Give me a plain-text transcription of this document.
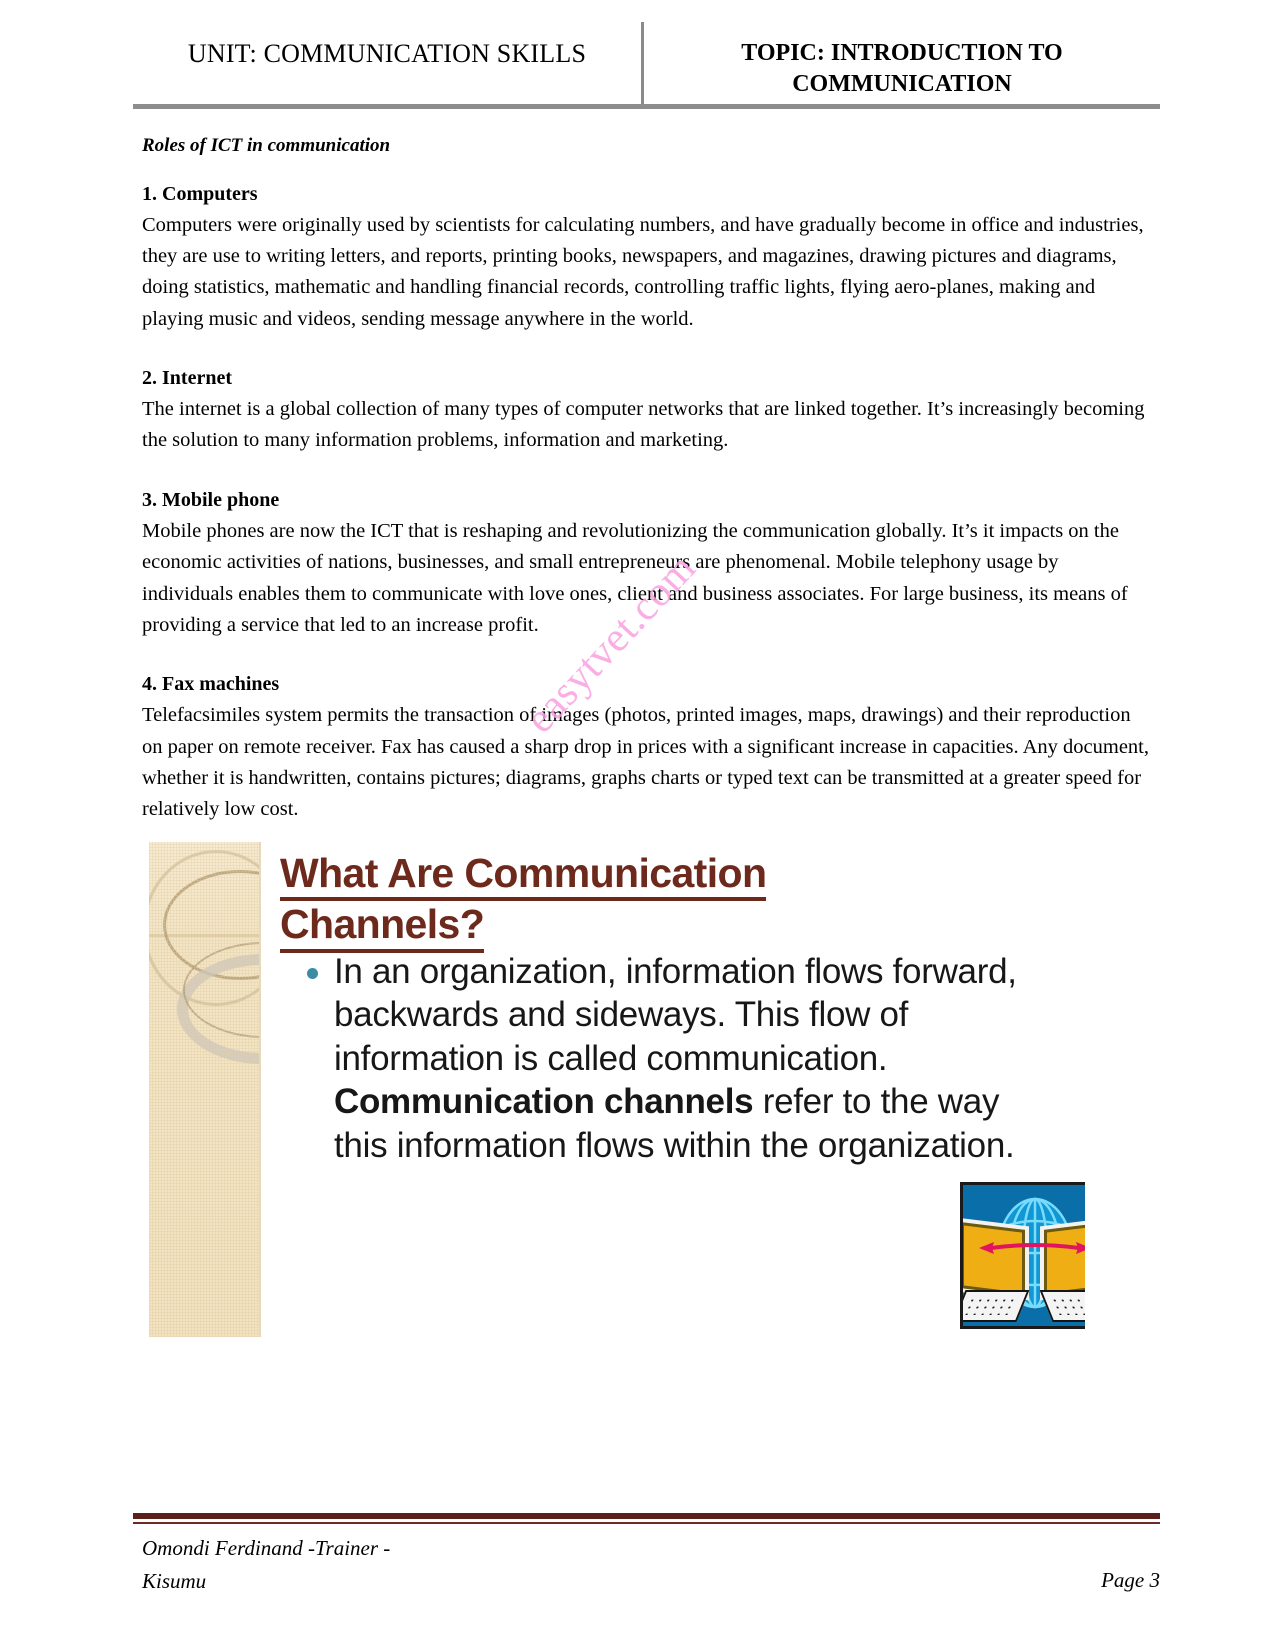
UNIT: COMMUNICATION SKILLS	TOPIC: INTRODUCTION TO COMMUNICATION
Roles of ICT in communication
1. Computers
Computers were originally used by scientists for calculating numbers, and have gradually become in office and industries, they are use to writing letters, and reports, printing books, newspapers, and magazines, drawing pictures and diagrams, doing statistics, mathematic and handling financial records, controlling traffic lights, flying aero-planes, making and playing music and videos, sending message anywhere in the world.
2. Internet
The internet is a global collection of many types of computer networks that are linked together. It’s increasingly becoming the solution to many information problems, information and marketing.
3. Mobile phone
Mobile phones are now the ICT that is reshaping and revolutionizing the communication globally. It’s it impacts on the economic activities of nations, businesses, and small entrepreneurs are phenomenal. Mobile telephony usage by individuals enables them to communicate with love ones, client and business associates. For large business, its means of providing a service that led to an increase profit.
4. Fax machines
Telefacsimiles system permits the transaction of images (photos, printed images, maps, drawings) and their reproduction on paper on remote receiver. Fax has caused a sharp drop in prices with a significant increase in capacities. Any document, whether it is handwritten, contains pictures; diagrams, graphs charts or typed text can be transmitted at a greater speed for relatively low cost.
easytvet.com
What Are Communication
Channels?
In an organization, information flows forward, backwards and sideways. This flow of information is called communication. Communication channels refer to the way this information flows within the organization.
Omondi Ferdinand -Trainer -
Kisumu	Page 3
